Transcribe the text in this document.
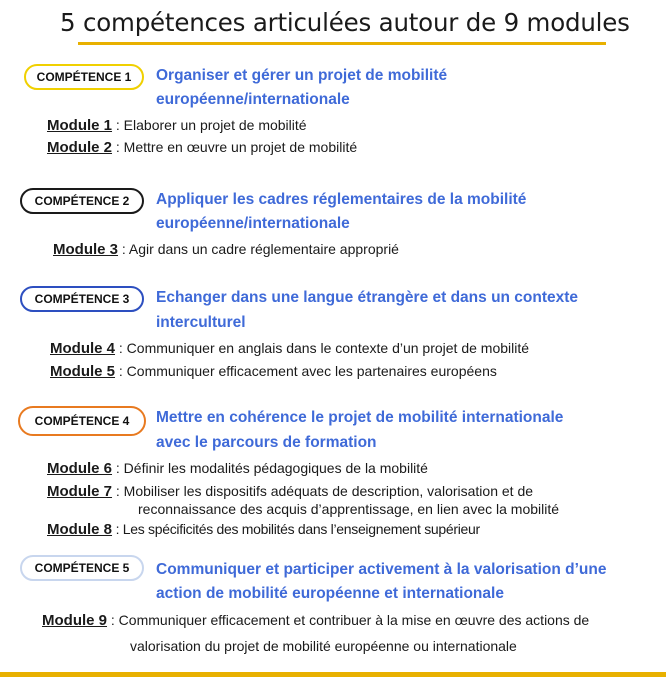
5 compétences articulées autour de 9 modules
COMPÉTENCE 1	Organiser et gérer un projet de mobilité
européenne/internationale
Module 1 : Elaborer un projet de mobilité
Module 2 : Mettre en œuvre un projet de mobilité
COMPÉTENCE 2	Appliquer les cadres réglementaires de la mobilité
européenne/internationale
Module 3 : Agir dans un cadre réglementaire approprié
COMPÉTENCE 3	Echanger dans une langue étrangère et dans un contexte
interculturel
Module 4 : Communiquer en anglais dans le contexte d’un projet de mobilité
Module 5 : Communiquer efficacement avec les partenaires européens
COMPÉTENCE 4	Mettre en cohérence le projet de mobilité internationale
avec le parcours de formation
Module 6 : Définir les modalités pédagogiques de la mobilité
Module 7 : Mobiliser les dispositifs adéquats de description, valorisation et de
reconnaissance des acquis d’apprentissage, en lien avec la mobilité
Module 8 : Les spécificités des mobilités dans l’enseignement supérieur
COMPÉTENCE 5	Communiquer et participer activement à la valorisation d’une
action de mobilité européenne et internationale
Module 9 : Communiquer efficacement et contribuer à la mise en œuvre des actions de
valorisation du projet de mobilité européenne ou internationale
